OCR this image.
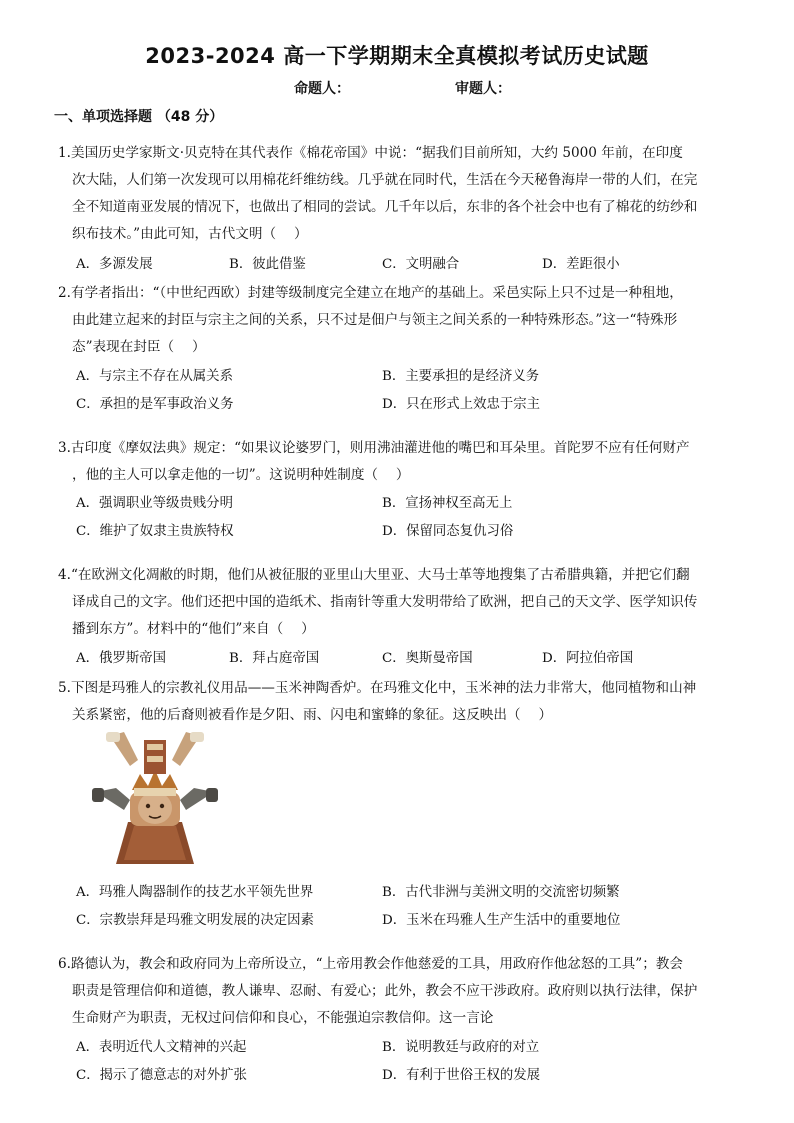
2023-2024 高一下学期期末全真模拟考试历史试题
命题人：	审题人：
一、单项选择题 （48 分）
1.美国历史学家斯文·贝克特在其代表作《棉花帝国》中说：“据我们目前所知，大约 5000 年前，在印度
次大陆，人们第一次发现可以用棉花纤维纺线。几乎就在同时代，生活在今天秘鲁海岸一带的人们，在完
全不知道南亚发展的情况下，也做出了相同的尝试。几千年以后，东非的各个社会中也有了棉花的纺纱和
织布技术。”由此可知，古代文明（　 ）
A．多源发展	B．彼此借鉴	C．文明融合	D．差距很小
2.有学者指出：“（中世纪西欧）封建等级制度完全建立在地产的基础上。采邑实际上只不过是一种租地，
由此建立起来的封臣与宗主之间的关系，只不过是佃户与领主之间关系的一种特殊形态。”这一“特殊形
态”表现在封臣（　 ）
A．与宗主不存在从属关系	B．主要承担的是经济义务
C．承担的是军事政治义务	D．只在形式上效忠于宗主
3.古印度《摩奴法典》规定：“如果议论婆罗门，则用沸油灌进他的嘴巴和耳朵里。首陀罗不应有任何财产
，他的主人可以拿走他的一切”。这说明种姓制度（　 ）
A．强调职业等级贵贱分明	B．宣扬神权至高无上
C．维护了奴隶主贵族特权	D．保留同态复仇习俗
4.“在欧洲文化凋敝的时期，他们从被征服的亚里山大里亚、大马士革等地搜集了古希腊典籍，并把它们翻
译成自己的文字。他们还把中国的造纸术、指南针等重大发明带给了欧洲，把自己的天文学、医学知识传
播到东方”。材料中的“他们”来自（　 ）
A．俄罗斯帝国	B．拜占庭帝国	C．奥斯曼帝国	D．阿拉伯帝国
5.下图是玛雅人的宗教礼仪用品——玉米神陶香炉。在玛雅文化中，玉米神的法力非常大，他同植物和山神
关系紧密，他的后裔则被看作是夕阳、雨、闪电和蜜蜂的象征。这反映出（　 ）
A．玛雅人陶器制作的技艺水平领先世界	B．古代非洲与美洲文明的交流密切频繁
C．宗教崇拜是玛雅文明发展的决定因素	D．玉米在玛雅人生产生活中的重要地位
6.路德认为，教会和政府同为上帝所设立，“上帝用教会作他慈爱的工具，用政府作他忿怒的工具”；教会
职责是管理信仰和道德，教人谦卑、忍耐、有爱心；此外，教会不应干涉政府。政府则以执行法律，保护
生命财产为职责，无权过问信仰和良心，不能强迫宗教信仰。这一言论
A．表明近代人文精神的兴起	B．说明教廷与政府的对立
C．揭示了德意志的对外扩张	D．有利于世俗王权的发展
